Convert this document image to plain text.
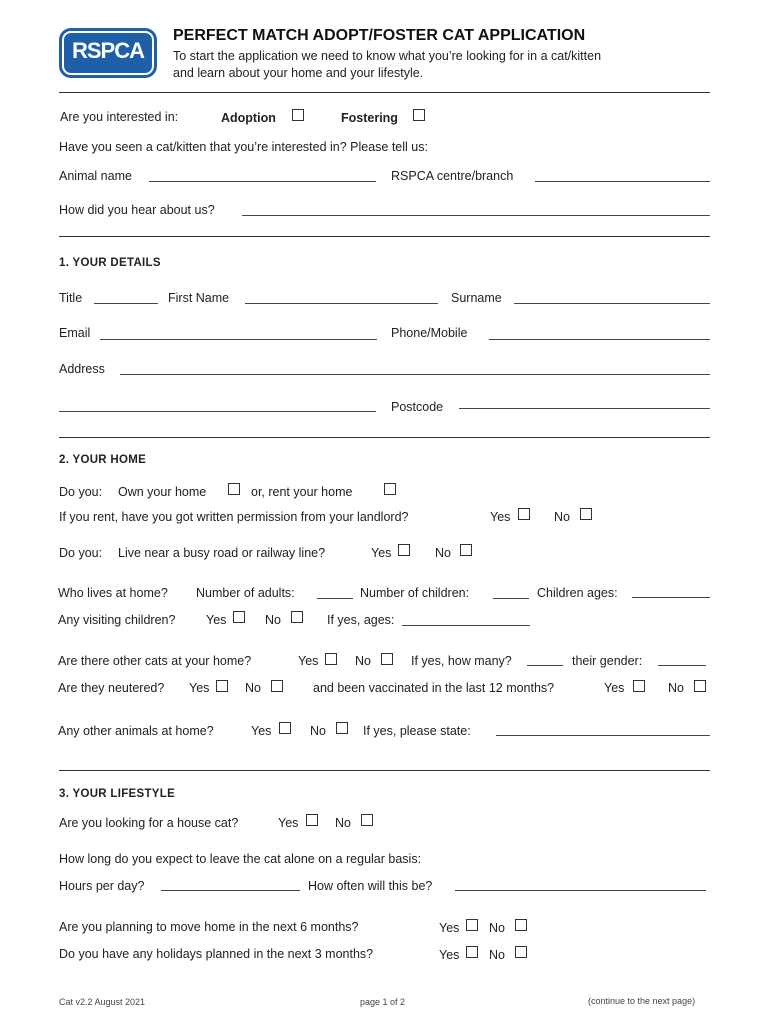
RSPCA
PERFECT MATCH ADOPT/FOSTER CAT APPLICATION
To start the application we need to know what you’re looking for in a cat/kitten
and learn about your home and your lifestyle.
Are you interested in:	Adoption	Fostering
Have you seen a cat/kitten that you’re interested in? Please tell us:
Animal name	RSPCA centre/branch
How did you hear about us?
1. YOUR DETAILS
Title	First Name	Surname
Email	Phone/Mobile
Address
Postcode
2. YOUR HOME
Do you: Own your home	or, rent your home
If you rent, have you got written permission from your landlord?	Yes	No
Do you: Live near a busy road or railway line?	Yes	No
Who lives at home? Number of adults:	Number of children:	Children ages:
Any visiting children? Yes	No	If yes, ages:
Are there other cats at your home?	Yes	No	If yes, how many?	their gender:
Are they neutered? Yes	No	and been vaccinated in the last 12 months?	Yes	No
Any other animals at home?	Yes	No	If yes, please state:
3. YOUR LIFESTYLE
Are you looking for a house cat?	Yes	No
How long do you expect to leave the cat alone on a regular basis:
Hours per day?	How often will this be?
Are you planning to move home in the next 6 months?	Yes No
Do you have any holidays planned in the next 3 months?	Yes No
Cat v2.2 August 2021	page 1 of 2	(continue to the next page)
